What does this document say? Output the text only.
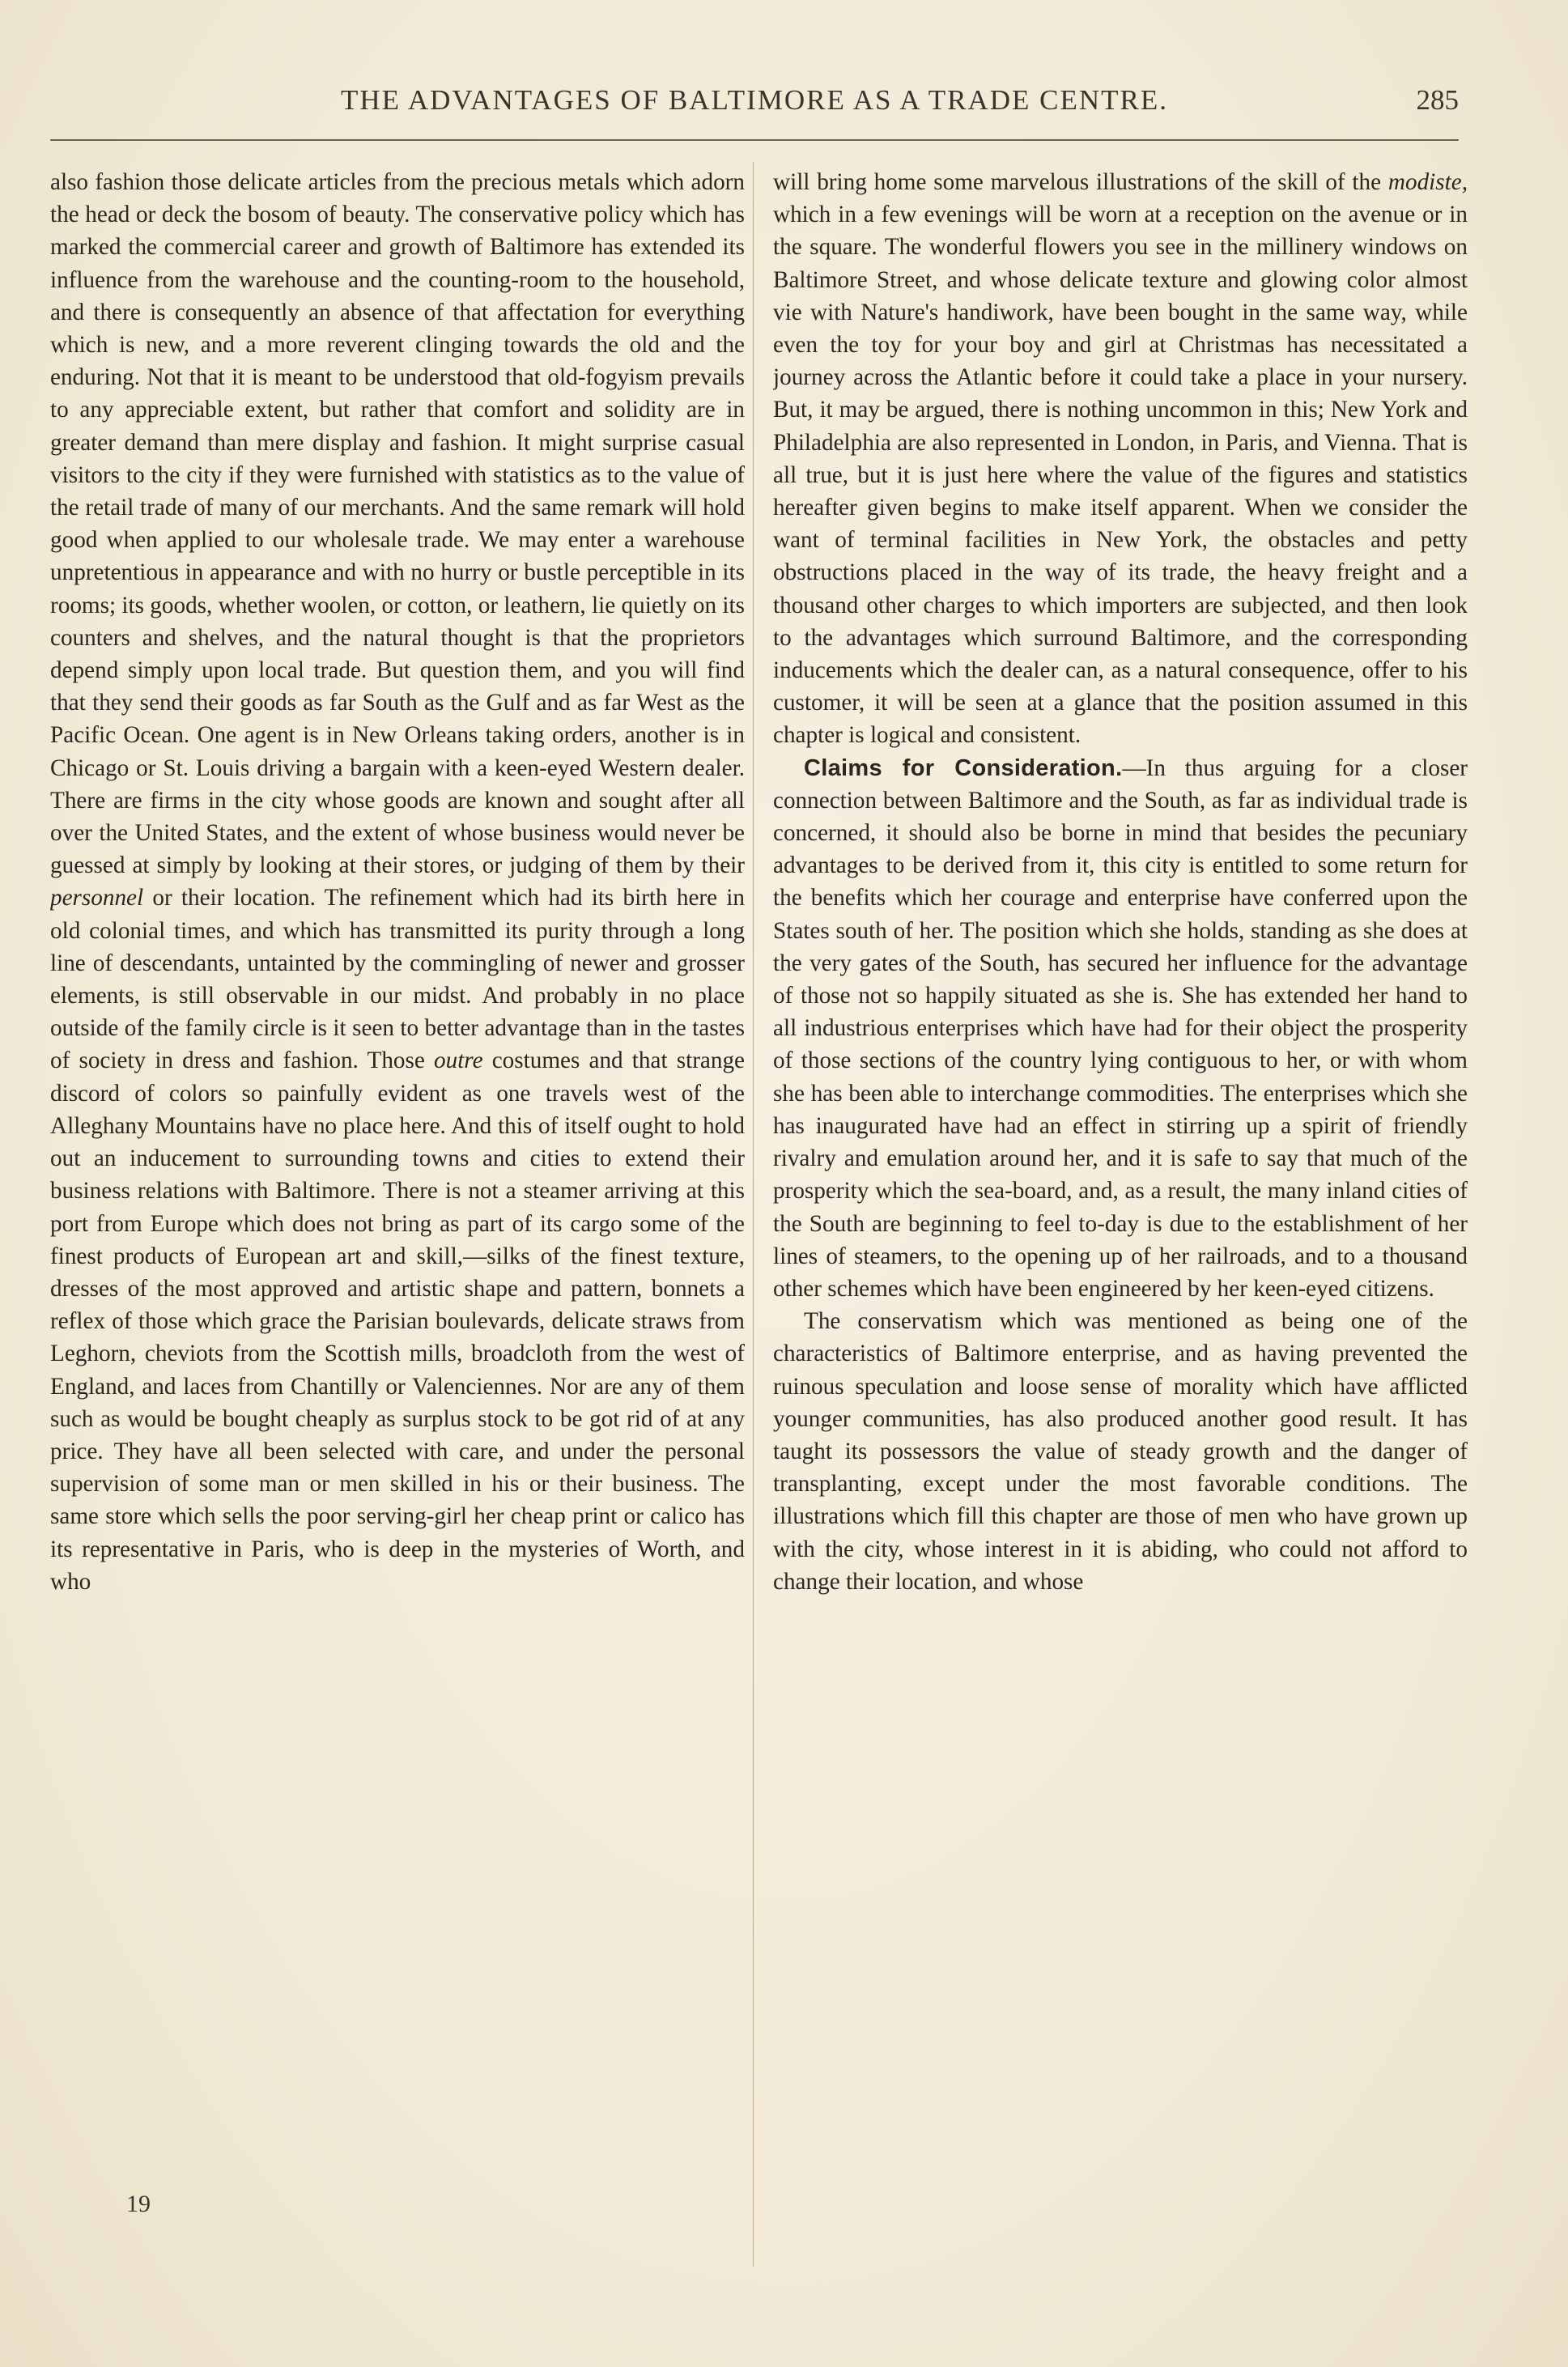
THE ADVANTAGES OF BALTIMORE AS A TRADE CENTRE.	285

also fashion those delicate articles from the precious metals which adorn the head or deck the bosom of beauty. The conservative policy which has marked the commercial career and growth of Baltimore has extended its influence from the warehouse and the counting-room to the household, and there is consequently an absence of that affectation for everything which is new, and a more reverent clinging towards the old and the enduring. Not that it is meant to be understood that old-fogyism prevails to any appreciable extent, but rather that comfort and solidity are in greater demand than mere display and fashion. It might surprise casual visitors to the city if they were furnished with statistics as to the value of the retail trade of many of our merchants. And the same remark will hold good when applied to our wholesale trade. We may enter a warehouse unpretentious in appearance and with no hurry or bustle perceptible in its rooms; its goods, whether woolen, or cotton, or leathern, lie quietly on its counters and shelves, and the natural thought is that the proprietors depend simply upon local trade. But question them, and you will find that they send their goods as far South as the Gulf and as far West as the Pacific Ocean. One agent is in New Orleans taking orders, another is in Chicago or St. Louis driving a bargain with a keen-eyed Western dealer. There are firms in the city whose goods are known and sought after all over the United States, and the extent of whose business would never be guessed at simply by looking at their stores, or judging of them by their personnel or their location. The refinement which had its birth here in old colonial times, and which has transmitted its purity through a long line of descendants, untainted by the commingling of newer and grosser elements, is still observable in our midst. And probably in no place outside of the family circle is it seen to better advantage than in the tastes of society in dress and fashion. Those outre costumes and that strange discord of colors so painfully evident as one travels west of the Alleghany Mountains have no place here. And this of itself ought to hold out an inducement to surrounding towns and cities to extend their business relations with Baltimore. There is not a steamer arriving at this port from Europe which does not bring as part of its cargo some of the finest products of European art and skill,—silks of the finest texture, dresses of the most approved and artistic shape and pattern, bonnets a reflex of those which grace the Parisian boulevards, delicate straws from Leghorn, cheviots from the Scottish mills, broadcloth from the west of England, and laces from Chantilly or Valenciennes. Nor are any of them such as would be bought cheaply as surplus stock to be got rid of at any price. They have all been selected with care, and under the personal supervision of some man or men skilled in his or their business. The same store which sells the poor serving-girl her cheap print or calico has its representative in Paris, who is deep in the mysteries of Worth, and who

will bring home some marvelous illustrations of the skill of the modiste, which in a few evenings will be worn at a reception on the avenue or in the square. The wonderful flowers you see in the millinery windows on Baltimore Street, and whose delicate texture and glowing color almost vie with Nature's handiwork, have been bought in the same way, while even the toy for your boy and girl at Christmas has necessitated a journey across the Atlantic before it could take a place in your nursery. But, it may be argued, there is nothing uncommon in this; New York and Philadelphia are also represented in London, in Paris, and Vienna. That is all true, but it is just here where the value of the figures and statistics hereafter given begins to make itself apparent. When we consider the want of terminal facilities in New York, the obstacles and petty obstructions placed in the way of its trade, the heavy freight and a thousand other charges to which importers are subjected, and then look to the advantages which surround Baltimore, and the corresponding inducements which the dealer can, as a natural consequence, offer to his customer, it will be seen at a glance that the position assumed in this chapter is logical and consistent.

Claims for Consideration.—In thus arguing for a closer connection between Baltimore and the South, as far as individual trade is concerned, it should also be borne in mind that besides the pecuniary advantages to be derived from it, this city is entitled to some return for the benefits which her courage and enterprise have conferred upon the States south of her. The position which she holds, standing as she does at the very gates of the South, has secured her influence for the advantage of those not so happily situated as she is. She has extended her hand to all industrious enterprises which have had for their object the prosperity of those sections of the country lying contiguous to her, or with whom she has been able to interchange commodities. The enterprises which she has inaugurated have had an effect in stirring up a spirit of friendly rivalry and emulation around her, and it is safe to say that much of the prosperity which the sea-board, and, as a result, the many inland cities of the South are beginning to feel to-day is due to the establishment of her lines of steamers, to the opening up of her railroads, and to a thousand other schemes which have been engineered by her keen-eyed citizens.

The conservatism which was mentioned as being one of the characteristics of Baltimore enterprise, and as having prevented the ruinous speculation and loose sense of morality which have afflicted younger communities, has also produced another good result. It has taught its possessors the value of steady growth and the danger of transplanting, except under the most favorable conditions. The illustrations which fill this chapter are those of men who have grown up with the city, whose interest in it is abiding, who could not afford to change their location, and whose

19
